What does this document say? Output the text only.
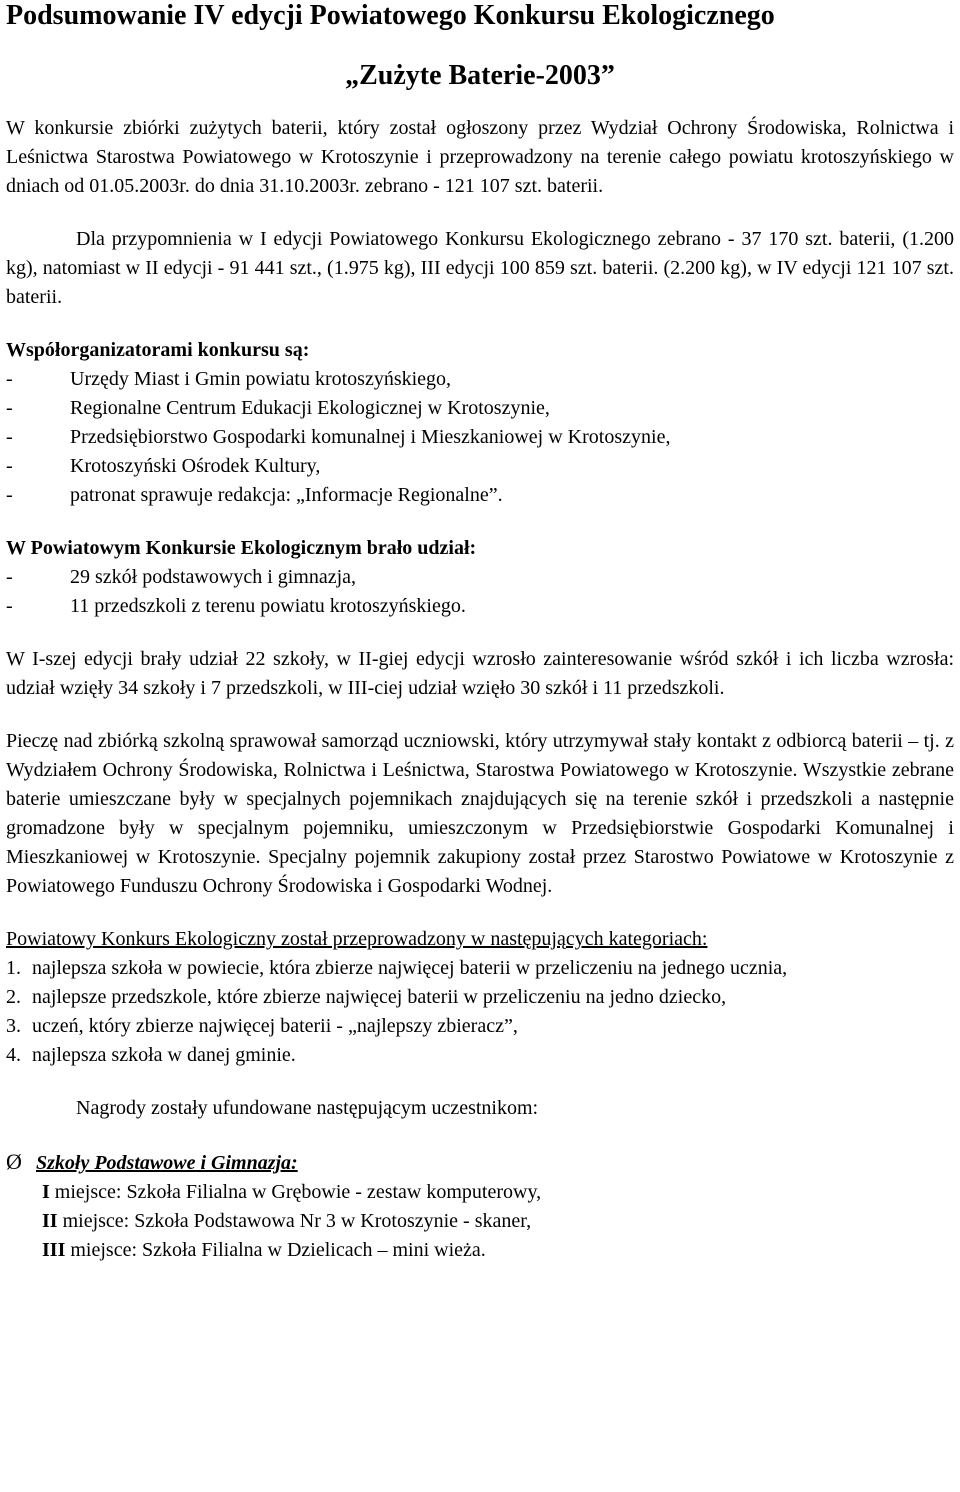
Podsumowanie IV edycji Powiatowego Konkursu Ekologicznego
„Zużyte Baterie-2003”

W konkursie zbiórki zużytych baterii, który został ogłoszony przez Wydział Ochrony Środowiska, Rolnictwa i Leśnictwa Starostwa Powiatowego w Krotoszynie i przeprowadzony na terenie całego powiatu krotoszyńskiego w dniach od 01.05.2003r. do dnia 31.10.2003r. zebrano - 121 107 szt. baterii.

Dla przypomnienia w I edycji Powiatowego Konkursu Ekologicznego zebrano - 37 170 szt. baterii, (1.200 kg), natomiast w II edycji - 91 441 szt., (1.975 kg), III edycji 100 859 szt. baterii. (2.200 kg), w IV edycji 121 107 szt. baterii.

Współorganizatorami konkursu są:

-	Urzędy Miast i Gmin powiatu krotoszyńskiego,
-	Regionalne Centrum Edukacji Ekologicznej w Krotoszynie,
-	Przedsiębiorstwo Gospodarki komunalnej i Mieszkaniowej w Krotoszynie,
-	Krotoszyński Ośrodek Kultury,
-	patronat sprawuje redakcja: „Informacje Regionalne”.

W Powiatowym Konkursie Ekologicznym brało udział:

-	29 szkół podstawowych i gimnazja,
-	11 przedszkoli z terenu powiatu krotoszyńskiego.

W I-szej edycji brały udział 22 szkoły, w II-giej edycji wzrosło zainteresowanie wśród szkół i ich liczba wzrosła: udział wzięły 34 szkoły i 7 przedszkoli, w III-ciej udział wzięło 30 szkół i 11 przedszkoli.

Pieczę nad zbiórką szkolną sprawował samorząd uczniowski, który utrzymywał stały kontakt z odbiorcą baterii – tj. z Wydziałem Ochrony Środowiska, Rolnictwa i Leśnictwa, Starostwa Powiatowego w Krotoszynie. Wszystkie zebrane baterie umieszczane były w specjalnych pojemnikach znajdujących się na terenie szkół i przedszkoli a następnie gromadzone były w specjalnym pojemniku, umieszczonym w Przedsiębiorstwie Gospodarki Komunalnej i Mieszkaniowej w Krotoszynie. Specjalny pojemnik zakupiony został przez Starostwo Powiatowe w Krotoszynie z Powiatowego Funduszu Ochrony Środowiska i Gospodarki Wodnej.

Powiatowy Konkurs Ekologiczny został przeprowadzony w następujących kategoriach:

1. najlepsza szkoła w powiecie, która zbierze najwięcej baterii w przeliczeniu na jednego ucznia,
2. najlepsze przedszkole, które zbierze najwięcej baterii w przeliczeniu na jedno dziecko,
3. uczeń, który zbierze najwięcej baterii - „najlepszy zbieracz”,
4. najlepsza szkoła w danej gminie.

Nagrody zostały ufundowane następującym uczestnikom:

Ø Szkoły Podstawowe i Gimnazja:
I miejsce: Szkoła Filialna w Grębowie - zestaw komputerowy,
II miejsce: Szkoła Podstawowa Nr 3 w Krotoszynie - skaner,
III miejsce: Szkoła Filialna w Dzielicach – mini wieża.
